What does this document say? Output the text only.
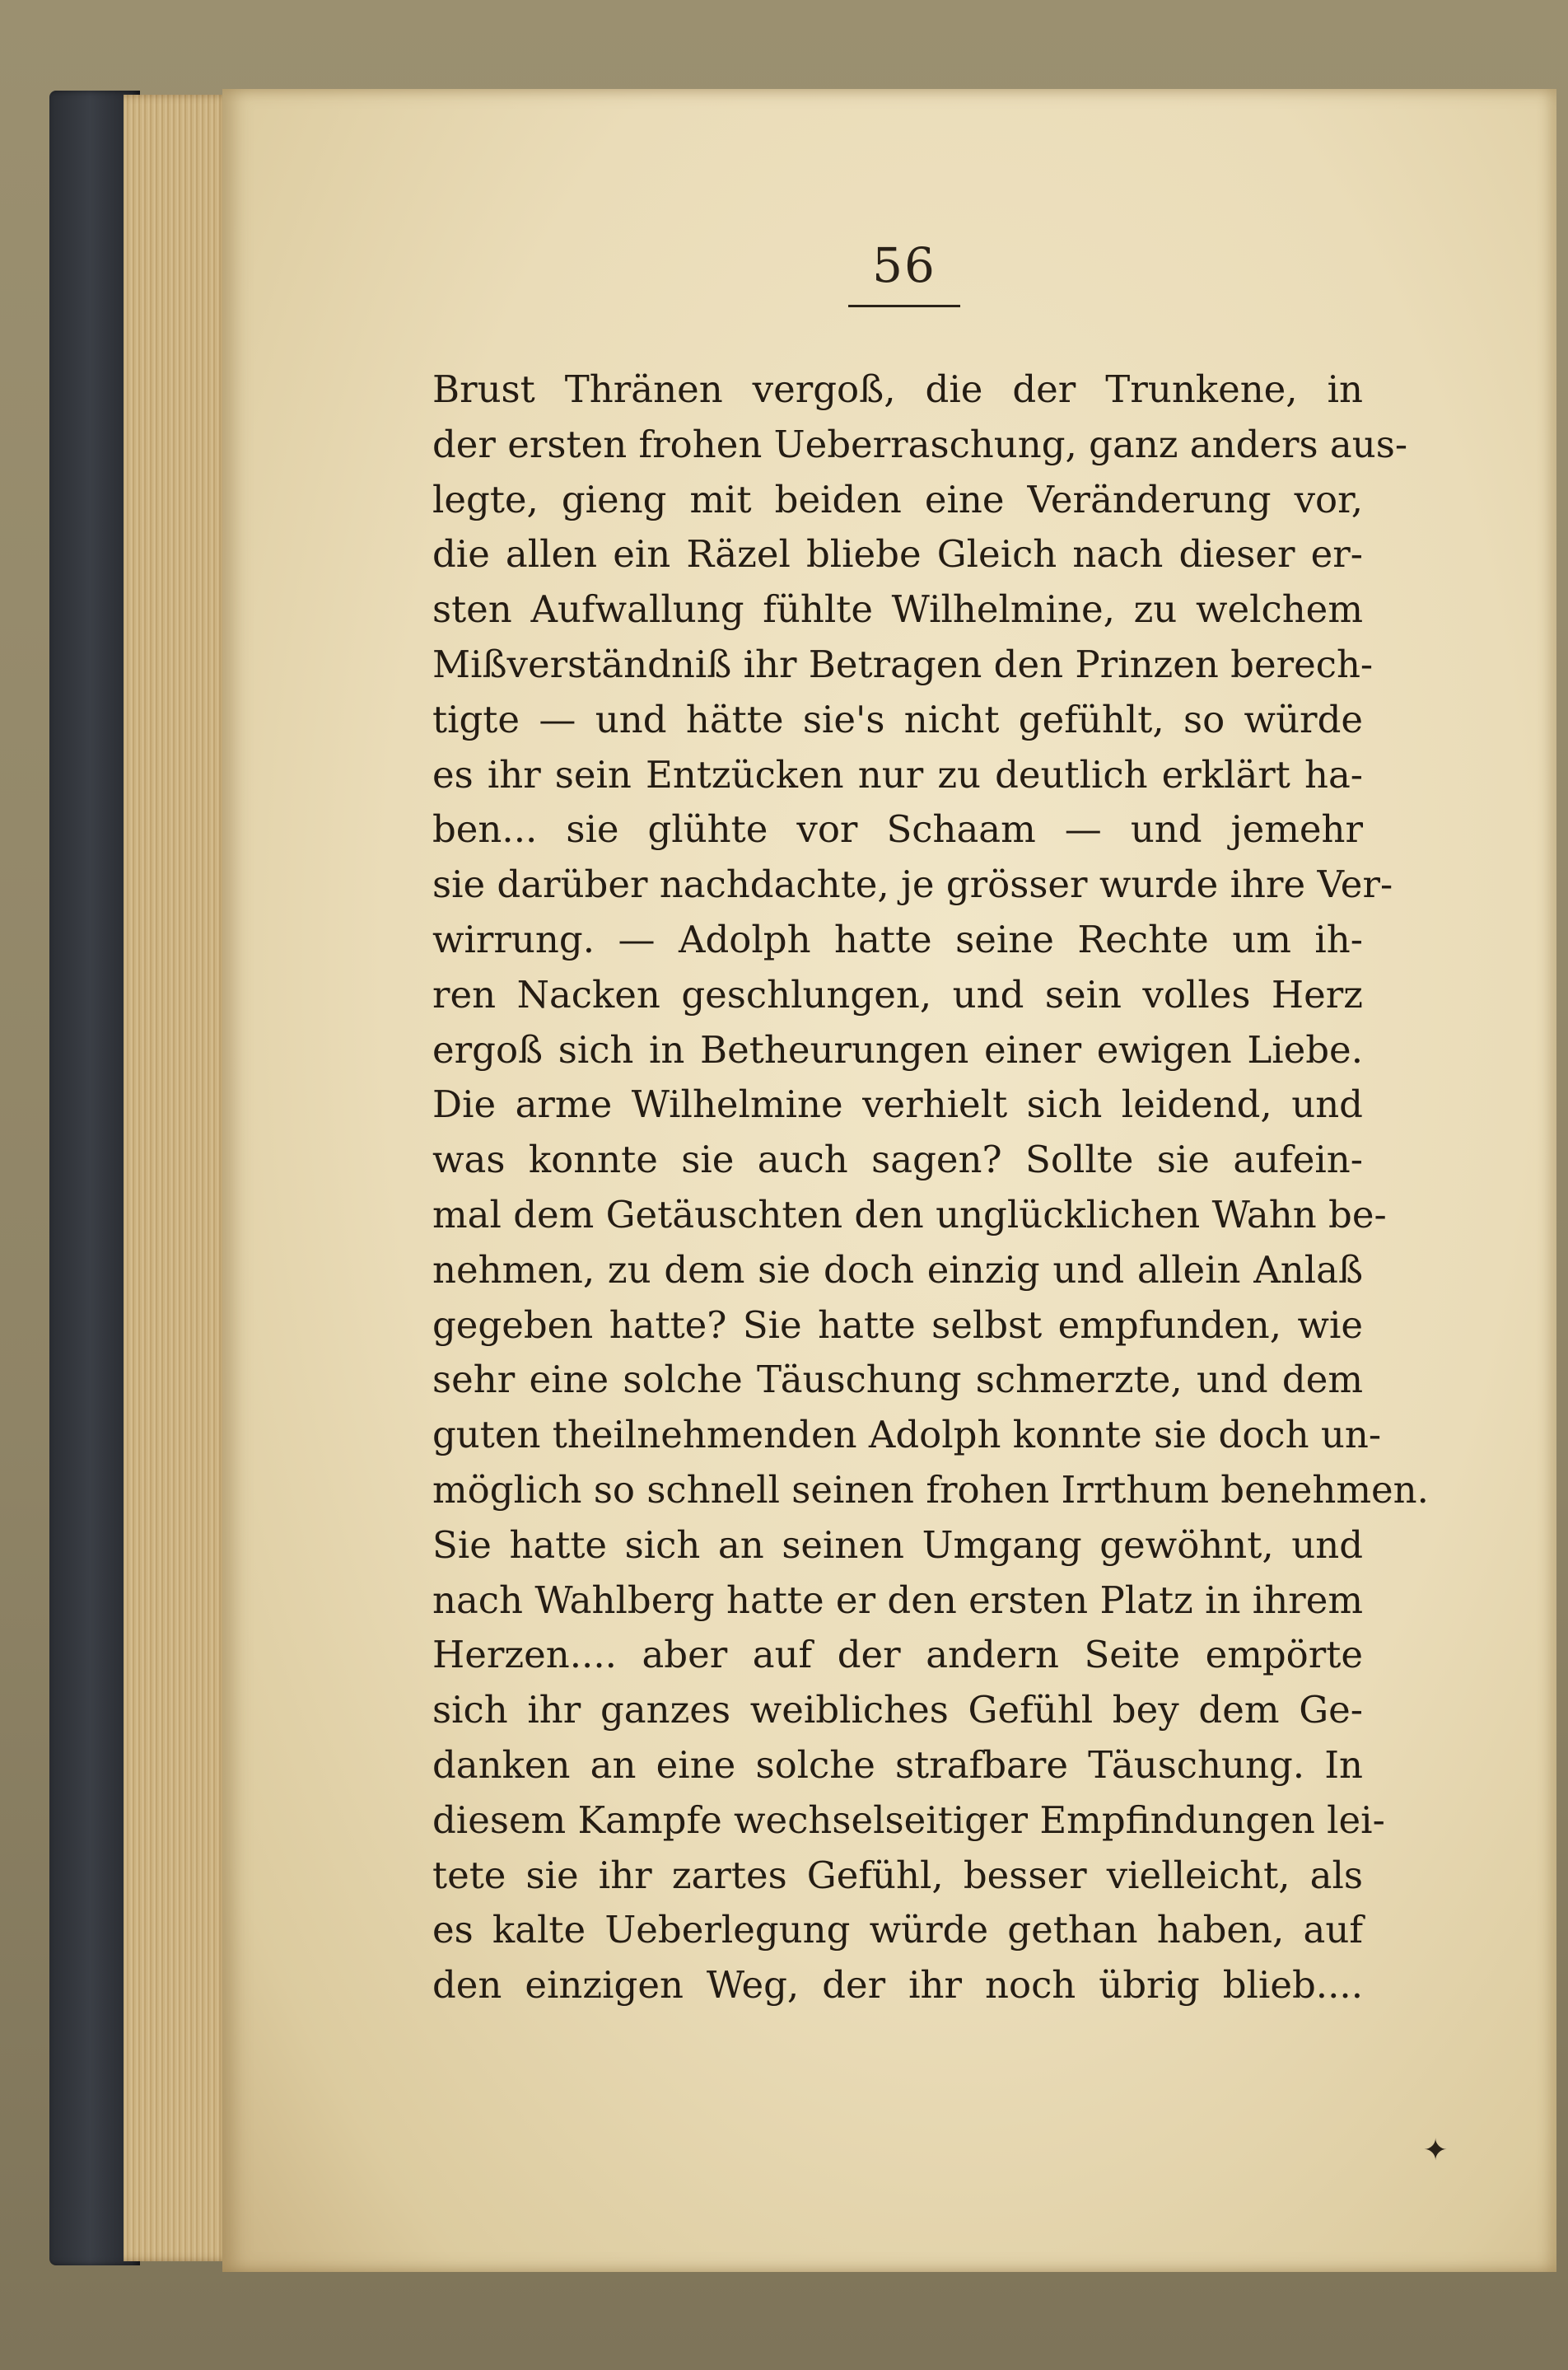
56
Brust Thränen vergoß, die der Trunkene, in
der ersten frohen Ueberraschung, ganz anders aus-
legte, gieng mit beiden eine Veränderung vor,
die allen ein Räzel bliebe Gleich nach dieser er-
sten Aufwallung fühlte Wilhelmine, zu welchem
Mißverständniß ihr Betragen den Prinzen berech-
tigte — und hätte sie's nicht gefühlt, so würde
es ihr sein Entzücken nur zu deutlich erklärt ha-
ben... sie glühte vor Schaam — und jemehr
sie darüber nachdachte, je grösser wurde ihre Ver-
wirrung. — Adolph hatte seine Rechte um ih-
ren Nacken geschlungen, und sein volles Herz
ergoß sich in Betheurungen einer ewigen Liebe.
Die arme Wilhelmine verhielt sich leidend, und
was konnte sie auch sagen? Sollte sie aufein-
mal dem Getäuschten den unglücklichen Wahn be-
nehmen, zu dem sie doch einzig und allein Anlaß
gegeben hatte? Sie hatte selbst empfunden, wie
sehr eine solche Täuschung schmerzte, und dem
guten theilnehmenden Adolph konnte sie doch un-
möglich so schnell seinen frohen Irrthum benehmen.
Sie hatte sich an seinen Umgang gewöhnt, und
nach Wahlberg hatte er den ersten Platz in ihrem
Herzen.... aber auf der andern Seite empörte
sich ihr ganzes weibliches Gefühl bey dem Ge-
danken an eine solche strafbare Täuschung. In
diesem Kampfe wechselseitiger Empfindungen lei-
tete sie ihr zartes Gefühl, besser vielleicht, als
es kalte Ueberlegung würde gethan haben, auf
den einzigen Weg, der ihr noch übrig blieb....
✦
